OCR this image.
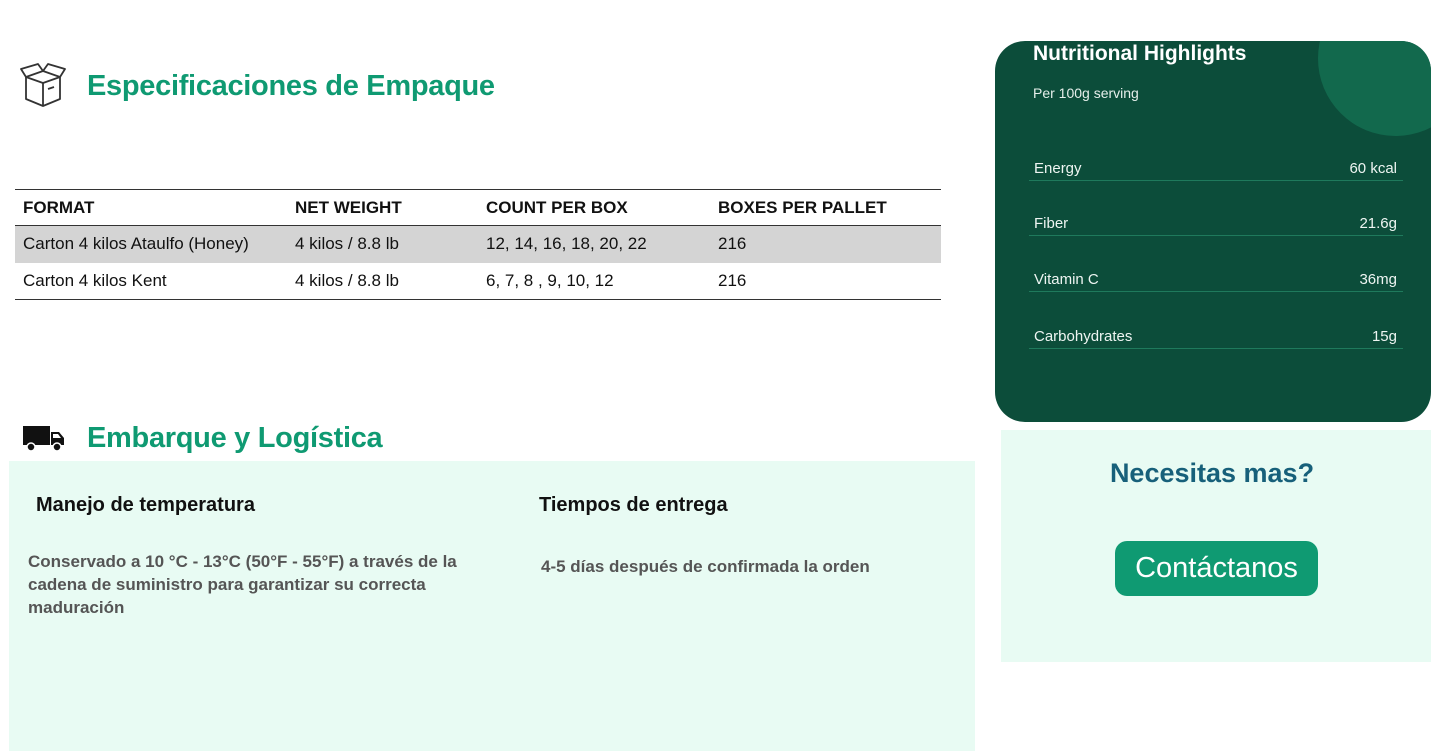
Especificaciones de Empaque
FORMAT	NET WEIGHT	COUNT PER BOX	BOXES PER PALLET
Carton 4 kilos Ataulfo (Honey)	4 kilos / 8.8 lb	12, 14, 16, 18, 20, 22	216
Carton 4 kilos Kent	4 kilos / 8.8 lb	6, 7, 8 , 9, 10, 12	216
Embarque y Logística
Manejo de temperatura

Conservado a 10 °C - 13°C (50°F - 55°F) a través de la cadena de suministro para garantizar su correcta maduración

Tiempos de entrega

4-5 días después de confirmada la orden

Nutritional Highlights

Per 100g serving

Energy	60 kcal
Fiber	21.6g
Vitamin C	36mg
Carbohydrates	15g
Necesitas mas?
Contáctanos
